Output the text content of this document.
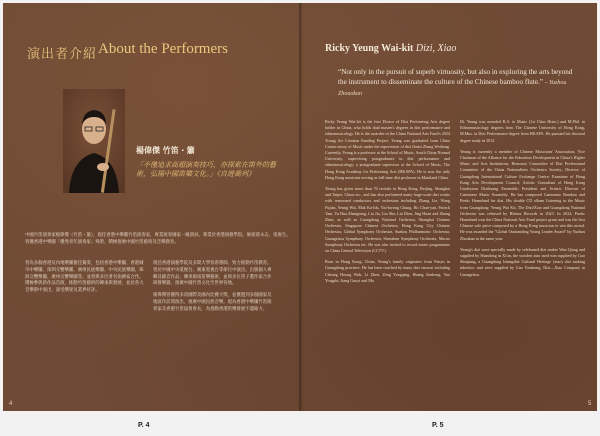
演出者介紹 About the Performers
楊偉傑 竹笛・簫
「不僅追求高超演奏技巧，亦探索在笛外的藝術，弘揚中國笛樂文化。」《自遊喬列》
中國竹笛演奏家楊偉傑（竹笛・簫），現任香港中樂團竹笛演奏家，專業演奏國家一級演員。畢業於香港演藝學院，師從孫永志、張俊生。曾獲香港中樂團「優秀青年演奏家」殊榮，積極推廣中國竹笛藝術及音樂教育。

曾為多個香港及內地樂團擔任獨奏，包括香港中樂團、香港城市中樂團、深圳交響樂團、廣州民族樂團、中央民族樂團、珠海交響樂團、廣州交響樂團等。並曾與多位著名指揮家合作。積極參與新作品首演，推動竹笛藝術的傳承與發展，並於各大音樂節中演出，深受樂迷及業界好評。

現任香港演藝學院及多間大學客席導師，致力推動竹笛教育。曾於中國中央電視台、廣東電視台等節目中演出。出版個人專輯及錄音作品，傳承嶺南笛樂藝術，並與多位笛子製作家合作研發樂器，推廣中國竹笛文化至世界各地。

楊偉傑曾獲得多項國際及國內比賽大獎，並獲邀到多個國家及地區作訪問演出，推廣中國民族音樂。現為香港中樂團竹笛演奏家及香港竹笛協會會長，為推動香港笛樂發展不遺餘力。

4
Ricky Yeung Wai-kit Dizi, Xiao
“Not only in the pursuit of superb virtuosity, but also in exploring the arts beyond the instrument to disseminate the culture of the Chinese bamboo flute.” – Yuzhou Zhouokan

Ricky Yeung Wai-kit is the first Doctor of Dizi Performing Arts degree holder in China, who holds dual master's degrees in dizi performance and ethnomusicology. He is the awardee of the China National Arts Fund's 2024 Young Art Creation Funding Project. Yeung was graduated from China Conservatory of Music under the supervision of dizi flutist Zhang Weiliang. Currently, Yeung is a professor at the School of Music, South China Normal University, supervising postgraduates in dizi performance and ethnomusicology; a postgraduate supervisor at the School of Music, The Hong Kong Academy for Performing Arts (HKAPA). He is now the only Hong Kong musician serving as full-time dizi professor in Mainland China.

Yeung has given more than 70 recitals in Hong Kong, Beijing, Shanghai and Taipei, China etc., and has also performed many large-scale dizi works with renowned conductors and orchestras including Zhang Lie, Wang Fujian, Yeung Wai, Mak Ka-lok, Yiu-kwong Chung, Ho Chun-yan, Patrick Tam, Yu Hua Zhangning, Liu Jia, Liu Sha, Lin Dien, Jing Huan and Zhang Zhen, as well as Guangdong National Orchestra, Shanghai Chinese Orchestra, Singapore Chinese Orchestra, Hong Kong City Chinese Orchestra, Global Symphony Orchestra, Suzhou Philharmonic Orchestra, Guangzhou Symphony Orchestra, Shenzhen Symphony Orchestra, Macao Symphony Orchestra etc. He was also invited to record music programmes on China Central Television (CCTV).

Born in Hong Kong, China, Yeung's family originates from Panyu in Guangdong province. He has been coached by many dizi virtuosi including Cheung Hoong Wah, Li Zhen, Zeng Yongqing, Huang Jinsheng, Yao Yongshi, Jiang Guoyi and Ma

Di. Yeung was awarded B.A. in Music (1st Class Hons.) and M.Phil. in Ethnomusicology degrees from The Chinese University of Hong Kong, M.Mus. in Dizi Performance degree from HKAPA. He pursued his doctoral degree study in 2012.

Yeung is currently a member of Chinese Musicians' Association, Vice Chairman of the Alliance for the Education Development in China's Higher Music and Arts Institutions; Honorary Committee of Dizi Professional Committee of the China Nationalities Orchestra Society; Director of Guangdong International Culture Exchange Centre; Examiner of Hong Kong Arts Development Council; Artistic Consultant of Hong Kong Guoleyuan Dizihuang Ensemble; President and Artistic Director of Cantonese Music Assembly. He has composed Cantonese Bamboo and Poetic Homeland for dizi. His double CD album Listening to the Music from Guangdong: Yeung Wai Kit, The Dizi/Xiao and Guangdong National Orchestra was released by Rhinos Records in 2023. In 2024, Poetic Homeland won the China National Arts Fund project grant and was the first Chinese solo piece composed by a Hong Kong musician to win this award. He was awarded the "Global Outstanding Young Leader Award" by Yuzhou Zhoukan in the same year.

Yeung's dizi were specially made by celebrated dizi maker Wan Qiang and supplied by Shandong in Xi'an, the wooden xiao used was supplied by Guo Shuqiang, a Guangdong Intangible Cultural Heritage (xiao) dizi making inheritor, and were supplied by Guo Yansheng, Dizi—Xiao Company in Guangzhou.

5
P. 4	P. 5
